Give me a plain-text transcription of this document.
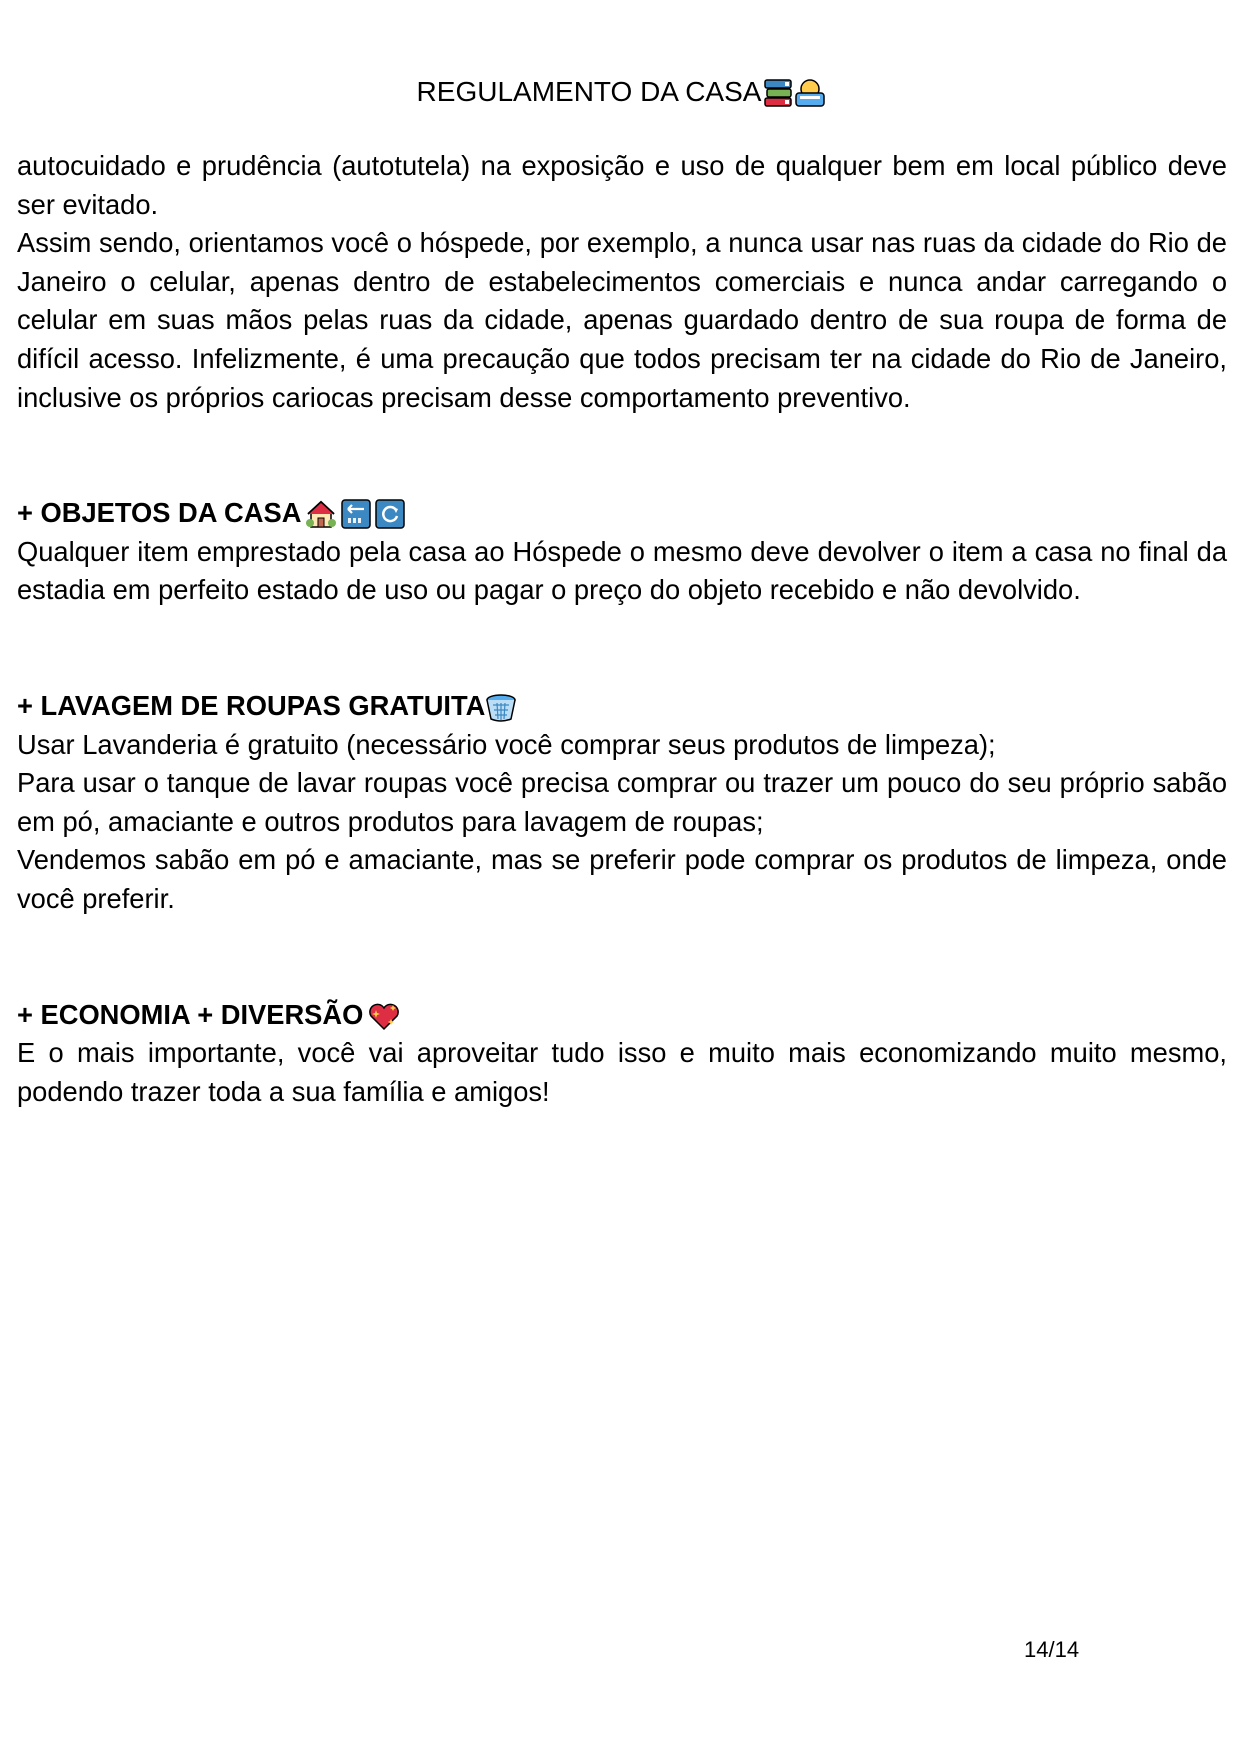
REGULAMENTO DA CASA

autocuidado e prudência (autotutela) na exposição e uso de qualquer bem em local público deve ser evitado.

Assim sendo, orientamos você o hóspede, por exemplo, a nunca usar nas ruas da cidade do Rio de Janeiro o celular, apenas dentro de estabelecimentos comerciais e nunca andar carregando o celular em suas mãos pelas ruas da cidade, apenas guardado dentro de sua roupa de forma de difícil acesso. Infelizmente, é uma precaução que todos precisam ter na cidade do Rio de Janeiro, inclusive os próprios cariocas precisam desse comportamento preventivo.

+ OBJETOS DA CASA

Qualquer item emprestado pela casa ao Hóspede o mesmo deve devolver o item a casa no final da estadia em perfeito estado de uso ou pagar o preço do objeto recebido e não devolvido.

+ LAVAGEM DE ROUPAS GRATUITA

Usar Lavanderia é gratuito (necessário você comprar seus produtos de limpeza);

Para usar o tanque de lavar roupas você precisa comprar ou trazer um pouco do seu próprio sabão em pó, amaciante e outros produtos para lavagem de roupas;

Vendemos sabão em pó e amaciante, mas se preferir pode comprar os produtos de limpeza, onde você preferir.

+ ECONOMIA + DIVERSÃO

E o mais importante, você vai aproveitar tudo isso e muito mais economizando muito mesmo, podendo trazer toda a sua família e amigos!

14/14
